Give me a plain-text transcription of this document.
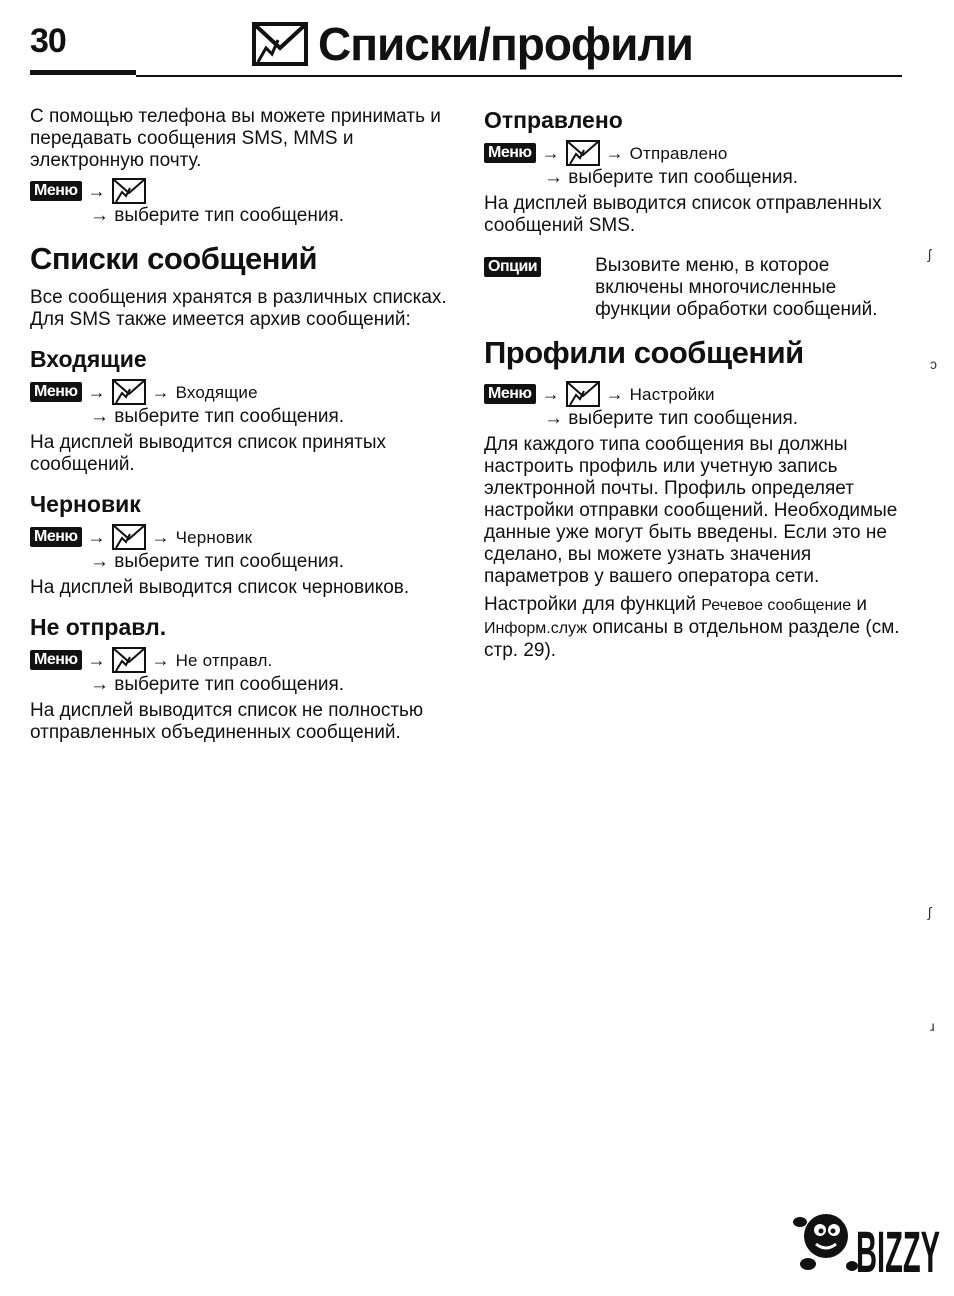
30	Списки/профили

С помощью телефона вы можете принимать и передавать сообщения SMS, MMS и электронную почту.

Меню →
→ выберите тип сообщения.
Списки сообщений

Все сообщения хранятся в различных списках. Для SMS также имеется архив сообщений:

Входящие
Меню →	→ Входящие
→ выберите тип сообщения.

На дисплей выводится список принятых сообщений.

Черновик
Меню →	→ Черновик
→ выберите тип сообщения.

На дисплей выводится список черновиков.

Не отправл.
Меню →	→ Не отправл.
→ выберите тип сообщения.

На дисплей выводится список не полностью отправленных объединенных сообщений.

Отправлено
Меню →	→ Отправлено
→ выберите тип сообщения.

На дисплей выводится список отправленных сообщений SMS.

Опции	Вызовите меню, в которое включены многочисленные функции обработки сообщений.
Профили сообщений
Меню →	→ Настройки
→ выберите тип сообщения.

Для каждого типа сообщения вы должны настроить профиль или учетную запись электронной почты. Профиль определяет настройки отправки сообщений. Необходимые данные уже могут быть введены. Если это не сделано, вы можете узнать значения параметров у вашего оператора сети.

Настройки для функций Речевое сообщение и Информ.служ описаны в отдельном разделе (см. стр. 29).

ʃ
ɔ
ʃ
ɹ
BIZZY
